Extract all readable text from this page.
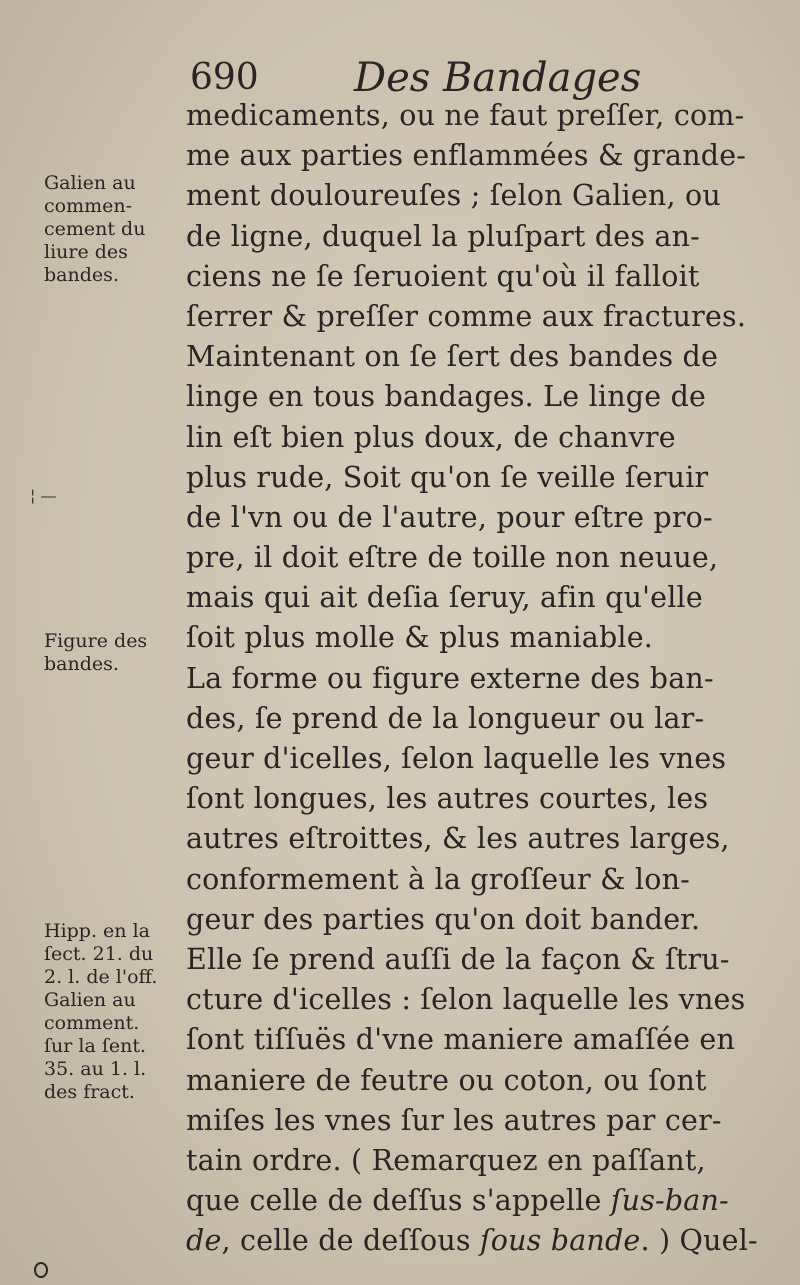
690 Des Bandages
medicaments, ou ne faut preſſer, com-
me aux parties enflammées & grande-
ment douloureuſes ; ſelon Galien, ou
de ligne, duquel la pluſpart des an-
ciens ne ſe ſeruoient qu'où il falloit
ſerrer & preſſer comme aux fractures.
Maintenant on ſe ſert des bandes de
linge en tous bandages. Le linge de
lin eſt bien plus doux, de chanvre
plus rude, Soit qu'on ſe veille ſeruir
de l'vn ou de l'autre, pour eſtre pro-
pre, il doit eſtre de toille non neuue,
mais qui ait deſia ſeruy, afin qu'elle
ſoit plus molle & plus maniable.
La forme ou figure externe des ban-
des, ſe prend de la longueur ou lar-
geur d'icelles, ſelon laquelle les vnes
ſont longues, les autres courtes, les
autres eſtroittes, & les autres larges,
conformement à la groſſeur & lon-
geur des parties qu'on doit bander.
Elle ſe prend auſſi de la façon & ſtru-
cture d'icelles : ſelon laquelle les vnes
ſont tiſſuës d'vne maniere amaſſée en
maniere de feutre ou coton, ou ſont
miſes les vnes ſur les autres par cer-
tain ordre. ( Remarquez en paſſant,
que celle de deſſus s'appelle ſus-ban-
de, celle de deſſous ſous bande. ) Quel-
Galien au
commen-
cement du
liure des
bandes.
¦ —
Figure des
bandes.
Hipp. en la
ſect. 21. du
2. l. de l'off.
Galien au
comment.
ſur la ſent.
35. au 1. l.
des fract.
